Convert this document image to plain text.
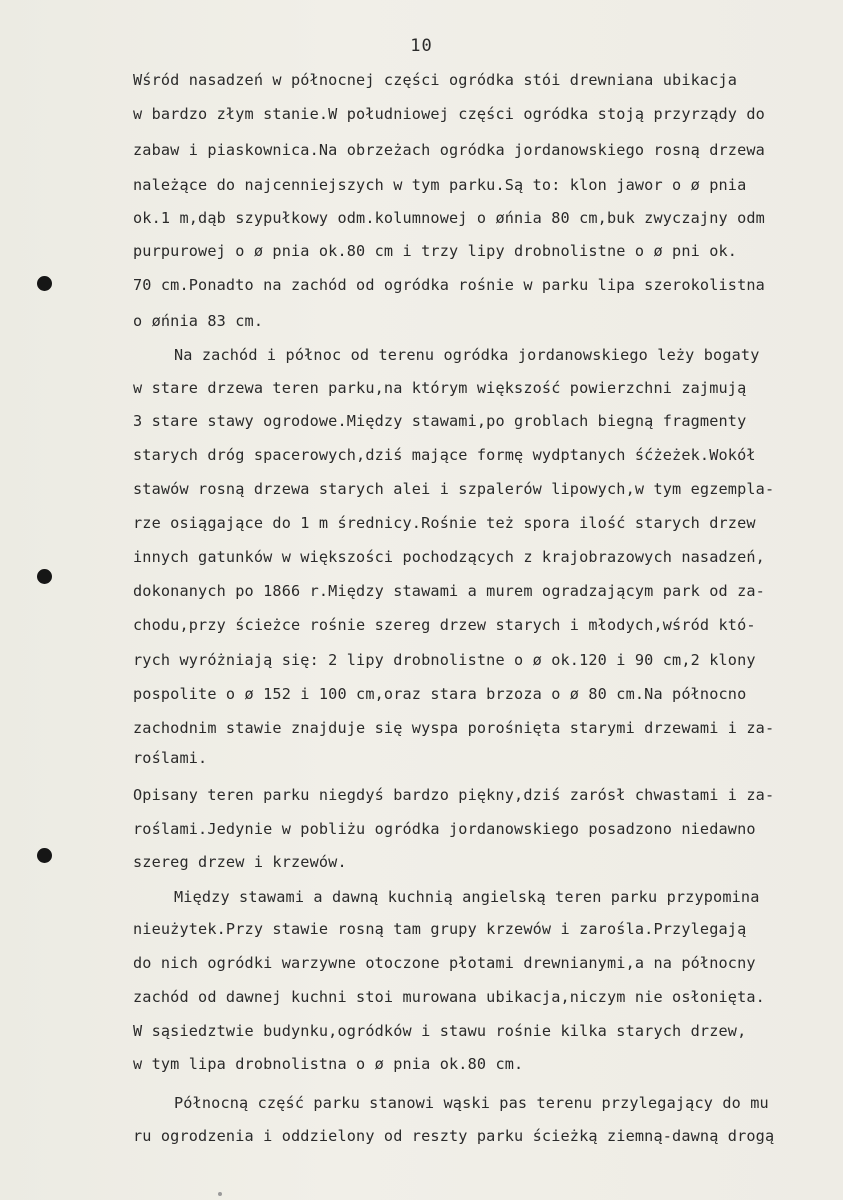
10
Wśród nasadzeń w północnej części ogródka stói drewniana ubikacja
w bardzo złym stanie.W południowej części ogródka stoją przyrządy do
zabaw i piaskownica.Na obrzeżach ogródka jordanowskiego rosną drzewa
należące do najcenniejszych w tym parku.Są to: klon jawor o ø pnia
ok.1 m,dąb szypułkowy odm.kolumnowej o øńnia 80 cm,buk zwyczajny odm
purpurowej o ø pnia ok.80 cm i trzy lipy drobnolistne o ø pni ok.
70 cm.Ponadto na zachód od ogródka rośnie w parku lipa szerokolistna
o øńnia 83 cm.
Na zachód i północ od terenu ogródka jordanowskiego leży bogaty
w stare drzewa teren parku,na którym większość powierzchni zajmują
3 stare stawy ogrodowe.Między stawami,po groblach biegną fragmenty
starych dróg spacerowych,dziś mające formę wydptanych śćżeżek.Wokół
stawów rosną drzewa starych alei i szpalerów lipowych,w tym egzempla-
rze osiągające do 1 m średnicy.Rośnie też spora ilość starych drzew
innych gatunków w większości pochodzących z krajobrazowych nasadzeń,
dokonanych po 1866 r.Między stawami a murem ogradzającym park od za-
chodu,przy ścieżce rośnie szereg drzew starych i młodych,wśród któ-
rych wyróżniają się: 2 lipy drobnolistne o ø ok.120 i 90 cm,2 klony
pospolite o ø 152 i 100 cm,oraz stara brzoza o ø 80 cm.Na północno
zachodnim stawie znajduje się wyspa porośnięta starymi drzewami i za-
roślami.
Opisany teren parku niegdyś bardzo piękny,dziś zarósł chwastami i za-
roślami.Jedynie w pobliżu ogródka jordanowskiego posadzono niedawno
szereg drzew i krzewów.
Między stawami a dawną kuchnią angielską teren parku przypomina
nieużytek.Przy stawie rosną tam grupy krzewów i zarośla.Przylegają
do nich ogródki warzywne otoczone płotami drewnianymi,a na północny
zachód od dawnej kuchni stoi murowana ubikacja,niczym nie osłonięta.
W sąsiedztwie budynku,ogródków i stawu rośnie kilka starych drzew,
w tym lipa drobnolistna o ø pnia ok.80 cm.
Północną część parku stanowi wąski pas terenu przylegający do mu
ru ogrodzenia i oddzielony od reszty parku ścieżką ziemną-dawną drogą
